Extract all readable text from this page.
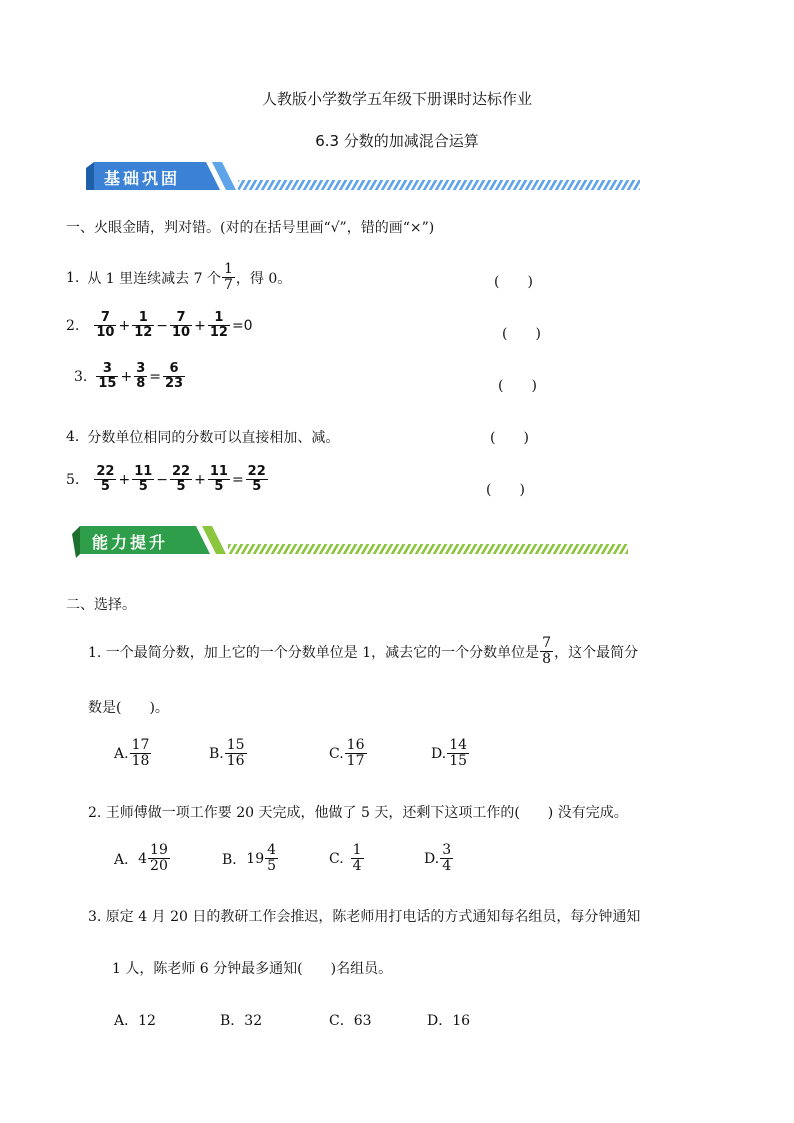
人教版小学数学五年级下册课时达标作业
6.3 分数的加减混合运算
基础巩固
一、火眼金睛，判对错。(对的在括号里画“√”，错的画“×”)
1. 从 1 里连续减去 7 个 $\frac{1}{7}$ ，得 0。	(　　)
2. $\frac{7}{10} + \frac{1}{12} - \frac{7}{10} + \frac{1}{12} =0$
(　　)
3. $\frac{3}{15} + \frac{3}{8} = \frac{6}{23}$	(　　)
4. 分数单位相同的分数可以直接相加、减。	(　　)
5. $\frac{22}{5} + \frac{11}{5} - \frac{22}{5} + \frac{11}{5} = \frac{22}{5}$	(　　)
能力提升
二、选择。
1. 一个最简分数，加上它的一个分数单位是 1，减去它的一个分数单位是 $\frac{7}{8}$ ，这个最简分
数是(　　)。
A. $\frac{17}{18}$	B. $\frac{15}{16}$	C. $\frac{16}{17}$	D. $\frac{14}{15}$
2. 王师傅做一项工作要 20 天完成，他做了 5 天，还剩下这项工作的(　　) 没有完成。
A． $4 \frac{19}{20}$	B． $19 \frac{4}{5}$	C. $\frac{1}{4}$	D. $\frac{3}{4}$
3. 原定 4 月 20 日的教研工作会推迟，陈老师用打电话的方式通知每名组员，每分钟通知
1 人，陈老师 6 分钟最多通知(　　)名组员。
A．12	B．32	C．63	D．16
